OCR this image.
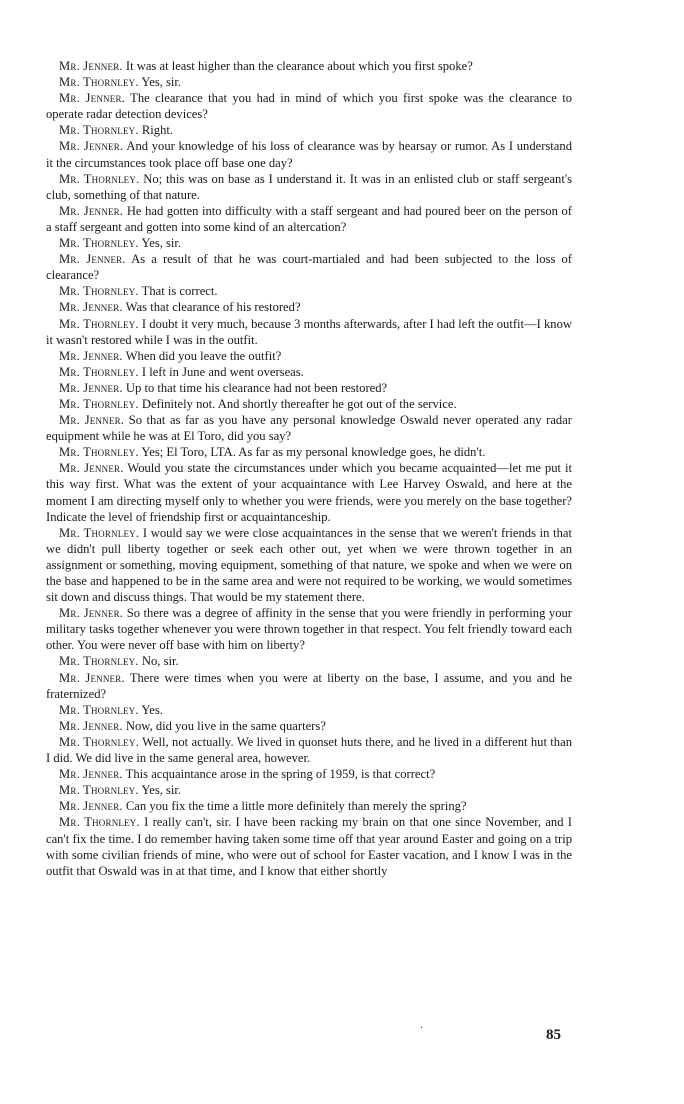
Mr. Jenner. It was at least higher than the clearance about which you first spoke?

Mr. Thornley. Yes, sir.

Mr. Jenner. The clearance that you had in mind of which you first spoke was the clearance to operate radar detection devices?

Mr. Thornley. Right.

Mr. Jenner. And your knowledge of his loss of clearance was by hearsay or rumor. As I understand it the circumstances took place off base one day?

Mr. Thornley. No; this was on base as I understand it. It was in an enlisted club or staff sergeant's club, something of that nature.

Mr. Jenner. He had gotten into difficulty with a staff sergeant and had poured beer on the person of a staff sergeant and gotten into some kind of an altercation?

Mr. Thornley. Yes, sir.

Mr. Jenner. As a result of that he was court-martialed and had been subjected to the loss of clearance?

Mr. Thornley. That is correct.

Mr. Jenner. Was that clearance of his restored?

Mr. Thornley. I doubt it very much, because 3 months afterwards, after I had left the outfit—I know it wasn't restored while I was in the outfit.

Mr. Jenner. When did you leave the outfit?

Mr. Thornley. I left in June and went overseas.

Mr. Jenner. Up to that time his clearance had not been restored?

Mr. Thornley. Definitely not. And shortly thereafter he got out of the service.

Mr. Jenner. So that as far as you have any personal knowledge Oswald never operated any radar equipment while he was at El Toro, did you say?

Mr. Thornley. Yes; El Toro, LTA. As far as my personal knowledge goes, he didn't.

Mr. Jenner. Would you state the circumstances under which you became acquainted—let me put it this way first. What was the extent of your acquaintance with Lee Harvey Oswald, and here at the moment I am directing myself only to whether you were friends, were you merely on the base together? Indicate the level of friendship first or acquaintanceship.

Mr. Thornley. I would say we were close acquaintances in the sense that we weren't friends in that we didn't pull liberty together or seek each other out, yet when we were thrown together in an assignment or something, moving equipment, something of that nature, we spoke and when we were on the base and happened to be in the same area and were not required to be working, we would sometimes sit down and discuss things. That would be my statement there.

Mr. Jenner. So there was a degree of affinity in the sense that you were friendly in performing your military tasks together whenever you were thrown together in that respect. You felt friendly toward each other. You were never off base with him on liberty?

Mr. Thornley. No, sir.

Mr. Jenner. There were times when you were at liberty on the base, I assume, and you and he fraternized?

Mr. Thornley. Yes.

Mr. Jenner. Now, did you live in the same quarters?

Mr. Thornley. Well, not actually. We lived in quonset huts there, and he lived in a different hut than I did. We did live in the same general area, however.

Mr. Jenner. This acquaintance arose in the spring of 1959, is that correct?

Mr. Thornley. Yes, sir.

Mr. Jenner. Can you fix the time a little more definitely than merely the spring?

Mr. Thornley. I really can't, sir. I have been racking my brain on that one since November, and I can't fix the time. I do remember having taken some time off that year around Easter and going on a trip with some civilian friends of mine, who were out of school for Easter vacation, and I know I was in the outfit that Oswald was in at that time, and I know that either shortly

·	85
